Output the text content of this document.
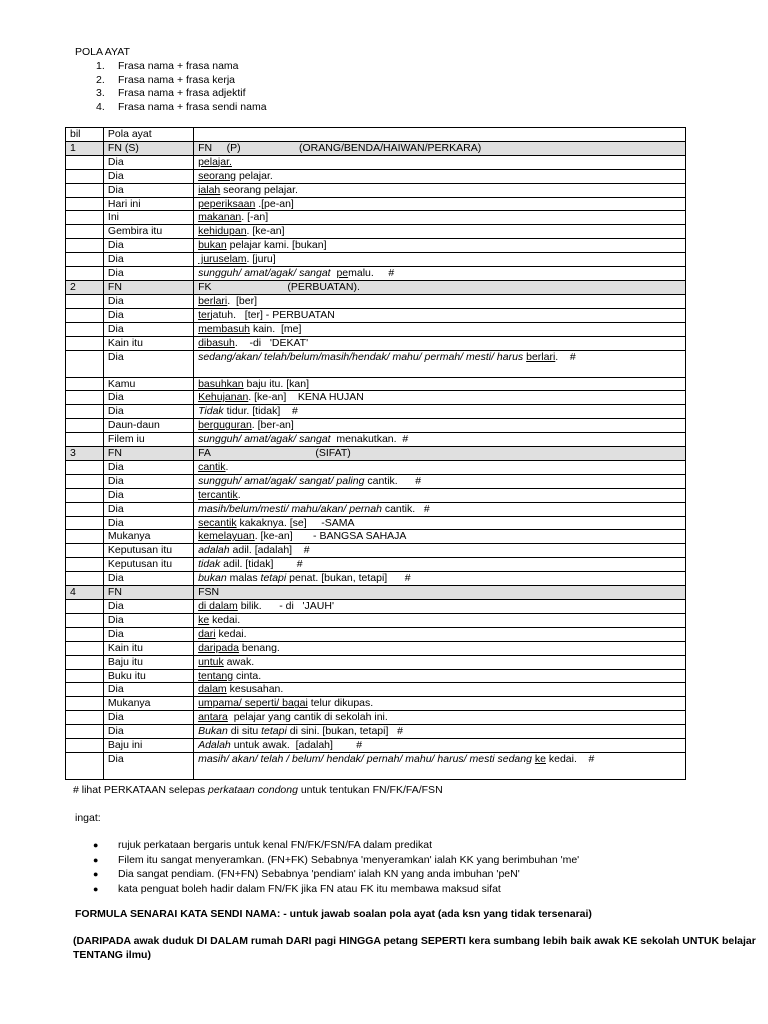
POLA AYAT
1. Frasa nama + frasa nama
2. Frasa nama + frasa kerja
3. Frasa nama + frasa adjektif
4. Frasa nama + frasa sendi nama
bil	Pola ayat	
1	FN (S)	FN     (P)                    (ORANG/BENDA/HAIWAN/PERKARA)
	Dia	pelajar.
	Dia	seorang pelajar.
	Dia	ialah seorang pelajar.
	Hari ini	peperiksaan .[pe-an]
	Ini	makanan. [-an]
	Gembira itu	kehidupan. [ke-an]
	Dia	bukan pelajar kami. [bukan]
	Dia	juruselam. [juru]
	Dia	sungguh/ amat/agak/ sangat  pemalu.     #
2	FN	FK                          (PERBUATAN).
	Dia	berlari.  [ber]
	Dia	terjatuh.   [ter] - PERBUATAN
	Dia	membasuh kain.  [me]
	Kain itu	dibasuh.    -di   'DEKAT'
	Dia	sedang/akan/ telah/belum/masih/hendak/ mahu/ permah/ mesti/ harus berlari.    #
	Kamu	basuhkan baju itu. [kan]
	Dia	Kehujanan. [ke-an]    KENA HUJAN
	Dia	Tidak tidur. [tidak]    #
	Daun-daun	berguguran. [ber-an]
	Filem iu	sungguh/ amat/agak/ sangat  menakutkan.  #
3	FN	FA                                    (SIFAT)
	Dia	cantik.
	Dia	sungguh/ amat/agak/ sangat/ paling cantik.      #
	Dia	tercantik.
	Dia	masih/belum/mesti/ mahu/akan/ pernah cantik.   #
	Dia	secantik kakaknya. [se]     -SAMA
	Mukanya	kemelayuan. [ke-an]       - BANGSA SAHAJA
	Keputusan itu	adalah adil. [adalah]    #
	Keputusan itu	tidak adil. [tidak]        #
	Dia	bukan malas tetapi penat. [bukan, tetapi]      #
4	FN	FSN
	Dia	di dalam bilik.      - di   'JAUH'
	Dia	ke kedai.
	Dia	dari kedai.
	Kain itu	daripada benang.
	Baju itu	untuk awak.
	Buku itu	tentang cinta.
	Dia	dalam kesusahan.
	Mukanya	umpama/ seperti/ bagai telur dikupas.
	Dia	antara  pelajar yang cantik di sekolah ini.
	Dia	Bukan di situ tetapi di sini. [bukan, tetapi]   #
	Baju ini	Adalah untuk awak.  [adalah]        #
	Dia	masih/ akan/ telah / belum/ hendak/ pernah/ mahu/ harus/ mesti sedang ke kedai.    #
# lihat PERKATAAN selepas perkataan condong untuk tentukan FN/FK/FA/FSN
ingat:
● rujuk perkataan bergaris untuk kenal FN/FK/FSN/FA dalam predikat
● Filem itu sangat menyeramkan. (FN+FK) Sebabnya 'menyeramkan' ialah KK yang berimbuhan 'me'
● Dia sangat pendiam. (FN+FN) Sebabnya 'pendiam' ialah KN yang anda imbuhan 'peN'
● kata penguat boleh hadir dalam FN/FK jika FN atau FK itu membawa maksud sifat
FORMULA SENARAI KATA SENDI NAMA: - untuk jawab soalan pola ayat (ada ksn yang tidak tersenarai)
(DARIPADA awak duduk DI DALAM rumah DARI pagi HINGGA petang SEPERTI kera sumbang lebih baik awak KE sekolah UNTUK belajar TENTANG ilmu)
